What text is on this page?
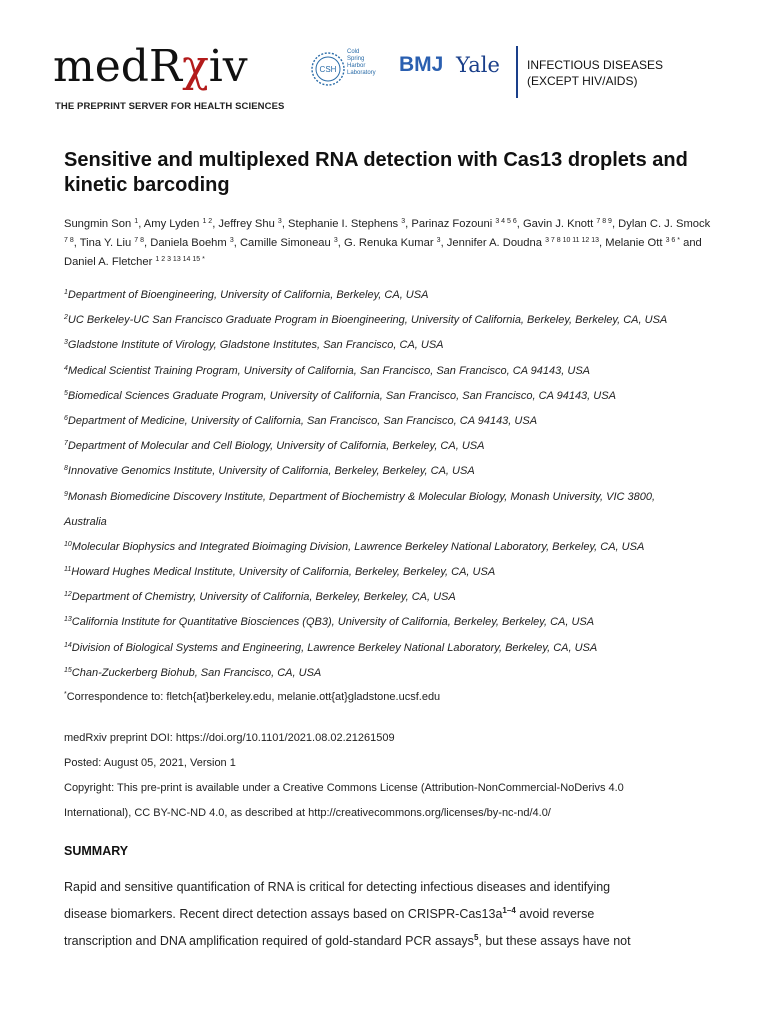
medRχiv
THE PREPRINT SERVER FOR HEALTH SCIENCES
CSH
Cold
Spring
Harbor
Laboratory BMJ Yale INFECTIOUS DISEASES
(EXCEPT HIV/AIDS)
Sensitive and multiplexed RNA detection with Cas13 droplets and kinetic barcoding
Sungmin Son $^1$, Amy Lyden $^{1 2}$, Jeffrey Shu $^3$, Stephanie I. Stephens $^3$, Parinaz Fozouni $^{3 4 5 6}$, Gavin J. Knott $^{7 8 9}$, Dylan C. J. Smock $^{7 8}$, Tina Y. Liu $^{7 8}$, Daniela Boehm $^3$, Camille Simoneau $^3$, G. Renuka Kumar $^3$, Jennifer A. Doudna $^{3 7 8 10 11 12 13}$, Melanie Ott $^{3 6 *}$ and Daniel A. Fletcher $^{1 2 3 13 14 15 *}$
$^1$Department of Bioengineering, University of California, Berkeley, CA, USA
$^2$UC Berkeley-UC San Francisco Graduate Program in Bioengineering, University of California, Berkeley, Berkeley, CA, USA
$^3$Gladstone Institute of Virology, Gladstone Institutes, San Francisco, CA, USA
$^4$Medical Scientist Training Program, University of California, San Francisco, San Francisco, CA 94143, USA
$^5$Biomedical Sciences Graduate Program, University of California, San Francisco, San Francisco, CA 94143, USA
$^6$Department of Medicine, University of California, San Francisco, San Francisco, CA 94143, USA
$^7$Department of Molecular and Cell Biology, University of California, Berkeley, CA, USA
$^8$Innovative Genomics Institute, University of California, Berkeley, Berkeley, CA, USA
$^9$Monash Biomedicine Discovery Institute, Department of Biochemistry & Molecular Biology, Monash University, VIC 3800,
Australia
$^{10}$Molecular Biophysics and Integrated Bioimaging Division, Lawrence Berkeley National Laboratory, Berkeley, CA, USA
$^{11}$Howard Hughes Medical Institute, University of California, Berkeley, Berkeley, CA, USA
$^{12}$Department of Chemistry, University of California, Berkeley, Berkeley, CA, USA
$^{13}$California Institute for Quantitative Biosciences (QB3), University of California, Berkeley, Berkeley, CA, USA
$^{14}$Division of Biological Systems and Engineering, Lawrence Berkeley National Laboratory, Berkeley, CA, USA
$^{15}$Chan-Zuckerberg Biohub, San Francisco, CA, USA
*Correspondence to: fletch{at}berkeley.edu, melanie.ott{at}gladstone.ucsf.edu
medRxiv preprint DOI: https://doi.org/10.1101/2021.08.02.21261509
Posted: August 05, 2021, Version 1
Copyright: This pre-print is available under a Creative Commons License (Attribution-NonCommercial-NoDerivs 4.0
International), CC BY-NC-ND 4.0, as described at http://creativecommons.org/licenses/by-nc-nd/4.0/
SUMMARY
Rapid and sensitive quantification of RNA is critical for detecting infectious diseases and identifying
disease biomarkers. Recent direct detection assays based on CRISPR-$Cas13a^{1-4}$ avoid reverse
transcription and DNA amplification required of gold-standard PCR assays$^5$, but these assays have not
